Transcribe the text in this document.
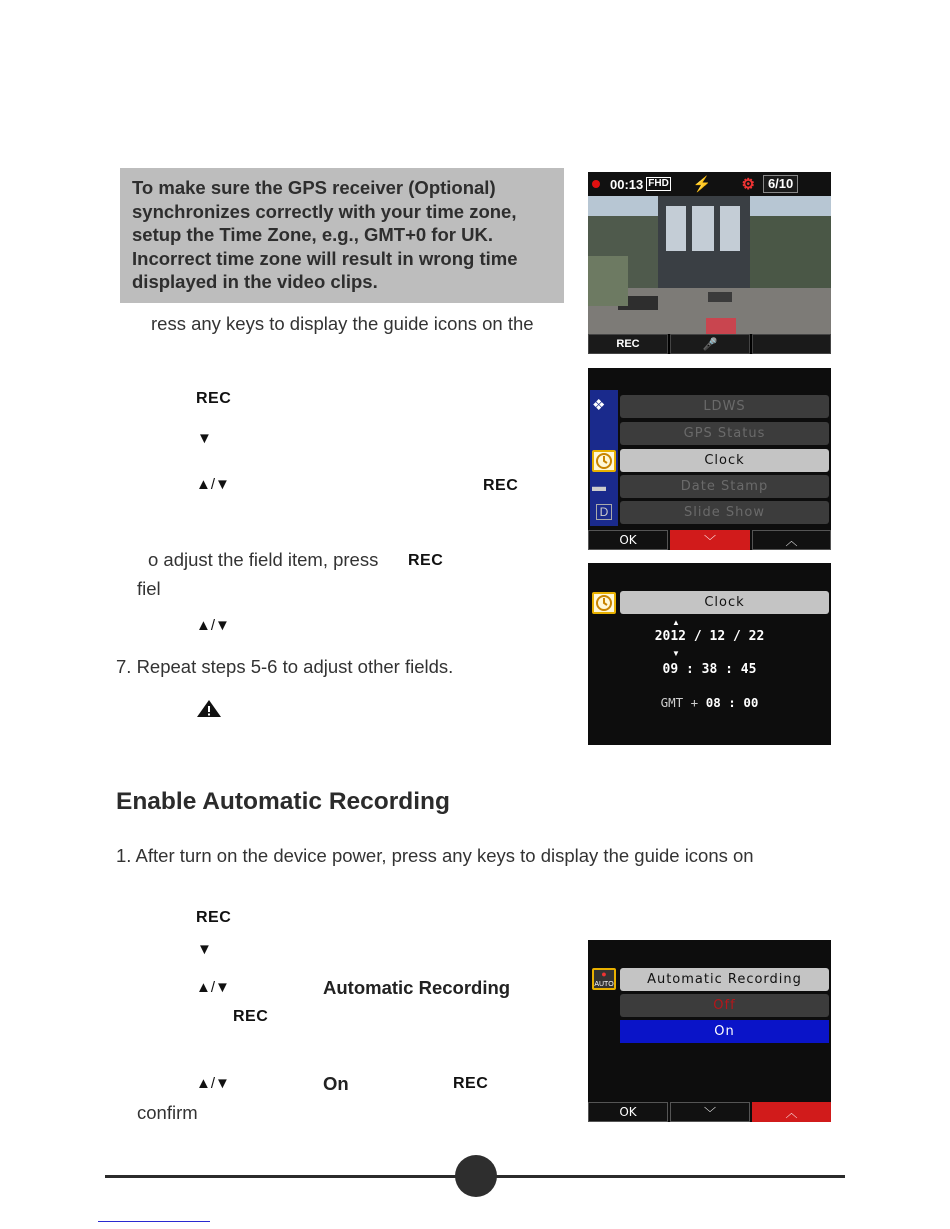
To make sure the GPS receiver (Optional)

synchronizes correctly with your time zone,

setup the Time Zone, e.g., GMT+0 for UK.

Incorrect time zone will result in wrong time

displayed in the video clips.

ress any keys to display the guide icons on the
REC
▼
▲/▼	REC
o adjust the field item, press REC
fiel
▲/▼
7. Repeat steps 5-6 to adjust other fields.
Enable Automatic Recording
1. After turn on the device power, press any keys to display the guide icons on
REC
▼
▲/▼	Automatic Recording
REC
▲/▼	On	REC
confirm
00:13 FHD ⚡ ⚙	6/10
REC	🎤
❖
▬
D
LDWS
GPS Status
Clock
Date Stamp
Slide Show
OK	﹀	︿
Clock
▲
2012 / 12 / 22
▼
09 : 38 : 45
GMT + 08 : 00
●
AUTO	Automatic Recording
Off
On
OK	﹀	︿
